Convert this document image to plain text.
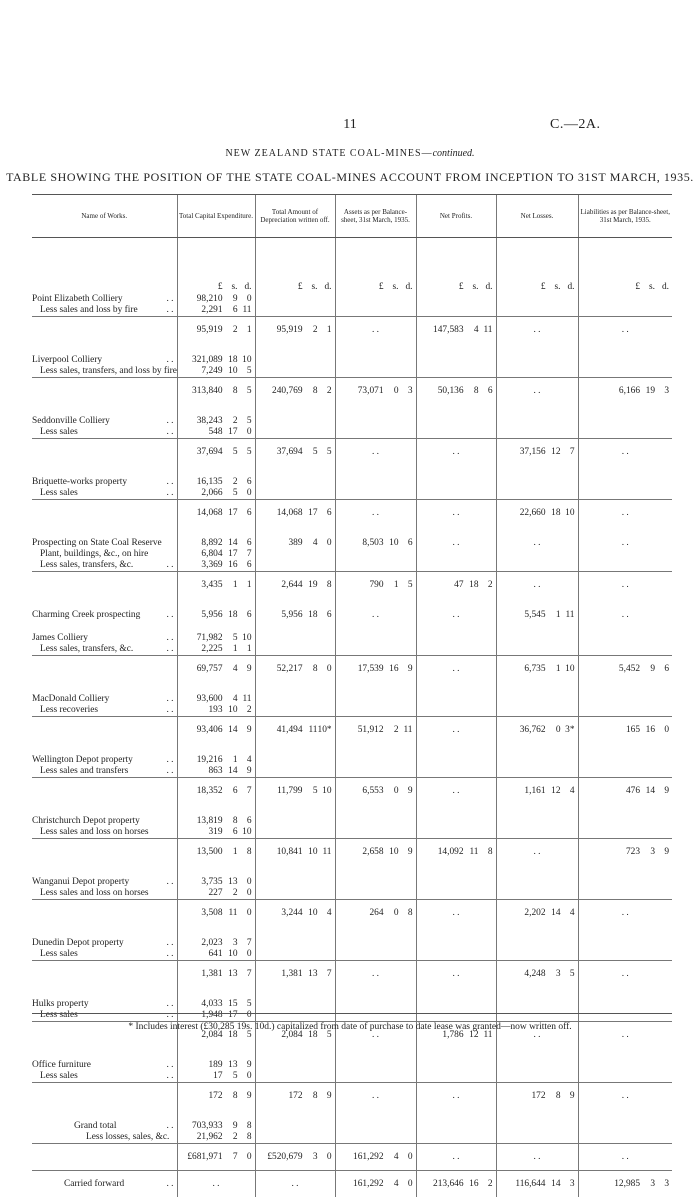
11	C.—2A.
NEW ZEALAND STATE COAL-MINES—continued.
TABLE SHOWING THE POSITION OF THE STATE COAL-MINES ACCOUNT FROM INCEPTION TO 31ST MARCH, 1935.
Name of Works.	Total Capital Expenditure.	Total Amount of Depreciation written off.	Assets as per Balance-sheet, 31st March, 1935.	Net Profits.	Net Losses.	Liabilities as per Balance-sheet, 31st March, 1935.

	£ s. d.	£ s. d.	£ s. d.	£ s. d.	£ s. d.	£ s. d.

Point Elizabeth Colliery . .	98,210 9 0					

Less sales and loss by fire . .	2,291 6 11					

	95,919 2 1	95,919 2 1	. .	147,583 4 11	. .	. .

Liverpool Colliery . .	321,089 18 10					

Less sales, transfers, and loss by fire	7,249 10 5					

	313,840 8 5	240,769 8 2	73,071 0 3	50,136 8 6	. .	6,166 19 3

Seddonville Colliery . .	38,243 2 5					

Less sales . .	548 17 0					

	37,694 5 5	37,694 5 5	. .	. .	37,156 12 7	. .

Briquette-works property . .	16,135 2 6					

Less sales . .	2,066 5 0					

	14,068 17 6	14,068 17 6	. .	. .	22,660 18 10	. .

Prospecting on State Coal Reserve	8,892 14 6	389 4 0	8,503 10 6	. .	. .	. .

Plant, buildings, &c., on hire	6,804 17 7					

Less sales, transfers, &c. . .	3,369 16 6					

	3,435 1 1	2,644 19 8	790 1 5	47 18 2	. .	. .

Charming Creek prospecting . .	5,956 18 6	5,956 18 6	. .	. .	5,545 1 11	. .

James Colliery . .	71,982 5 10					

Less sales, transfers, &c. . .	2,225 1 1					

	69,757 4 9	52,217 8 0	17,539 16 9	. .	6,735 1 10	5,452 9 6

MacDonald Colliery . .	93,600 4 11					

Less recoveries . .	193 10 2					

	93,406 14 9	41,494 11 10*	51,912 2 11	. .	36,762 0 3*	165 16 0

Wellington Depot property . .	19,216 1 4					

Less sales and transfers . .	863 14 9					

	18,352 6 7	11,799 5 10	6,553 0 9	. .	1,161 12 4	476 14 9

Christchurch Depot property	13,819 8 6					

Less sales and loss on horses	319 6 10					

	13,500 1 8	10,841 10 11	2,658 10 9	14,092 11 8	. .	723 3 9

Wanganui Depot property . .	3,735 13 0					

Less sales and loss on horses	227 2 0					

	3,508 11 0	3,244 10 4	264 0 8	. .	2,202 14 4	. .

Dunedin Depot property . .	2,023 3 7					

Less sales . .	641 10 0					

	1,381 13 7	1,381 13 7	. .	. .	4,248 3 5	. .

Hulks property . .	4,033 15 5					

Less sales . .	1,948 17 0					

	2,084 18 5	2,084 18 5	. .	1,786 12 11	. .	. .

Office furniture . .	189 13 9					

Less sales . .	17 5 0					

	172 8 9	172 8 9	. .	. .	172 8 9	. .

Grand total . .	703,933 9 8					

Less losses, sales, &c.	21,962 2 8					

	£681,971 7 0	£520,679 3 0	161,292 4 0	. .	. .	. .

Carried forward . .	. .	. .	161,292 4 0	213,646 16 2	116,644 14 3	12,985 3 3
* Includes interest (£30,285 19s. 10d.) capitalized from date of purchase to date lease was granted—now written off.
